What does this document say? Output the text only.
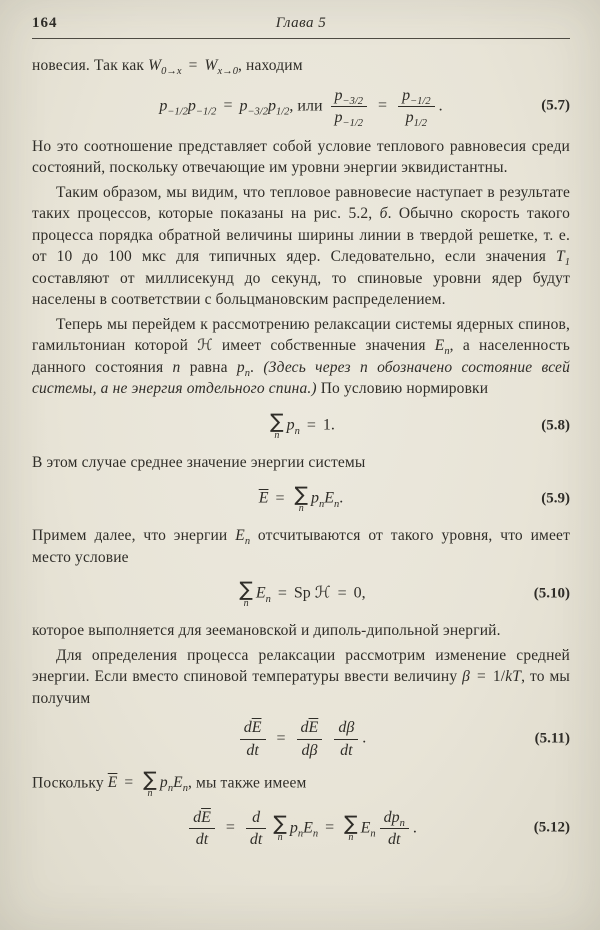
164	Глава 5

новесия. Так как $W_{0\to x} = W_{x\to 0}$, находим

$p_{-1/2}p_{-1/2} = p_{-3/2}p_{1/2}$, или $\frac{p_{-3/2}}{p_{-1/2}} = \frac{p_{-1/2}}{p_{1/2}}$ .	(5.7)

Но это соотношение представляет собой условие теплового равновесия среди состояний, поскольку отвечающие им уровни энергии эквидистантны.

Таким образом, мы видим, что тепловое равновесие наступает в результате таких процессов, которые показаны на рис. 5.2, б. Обычно скорость такого процесса порядка обратной величины ширины линии в твердой решетке, т. е. от 10 до 100 мкс для типичных ядер. Следовательно, если значения $T_1$ составляют от миллисекунд до секунд, то спиновые уровни ядер будут населены в соответствии с больцмановским распределением.

Теперь мы перейдем к рассмотрению релаксации системы ядерных спинов, гамильтониан которой ℋ имеет собственные значения $E_n$, а населенность данного состояния n равна $p_n$. (Здесь через n обозначено состояние всей системы, а не энергия отдельного спина.) По условию нормировки

∑
n
$p_n = 1$.	(5.8)

В этом случае среднее значение энергии системы

$\overline{E}$ = ∑
n
$p_nE_n$.	(5.9)

Примем далее, что энергии $E_n$ отсчитываются от такого уровня, что имеет место условие

∑
n
$E_n = Sp$ ℋ = 0,	(5.10)

которое выполняется для зеемановской и диполь-дипольной энергий.

Для определения процесса релаксации рассмотрим изменение средней энергии. Если вместо спиновой температуры ввести величину β = 1/kT, то мы получим

$\frac{d\overline{E}}{dt} = \frac{d\overline{E}}{d\beta}$
$\frac{d\beta}{dt}$ .	(5.11)

Поскольку $\overline{E}$ = ∑
n
$p_nE_n$, мы также имеем

$\frac{d\overline{E}}{dt} = \frac{d}{dt}$ ∑
n
$p_nE_n$ = ∑
n
$E_n \frac{dp_n}{dt}$ .	(5.12)
